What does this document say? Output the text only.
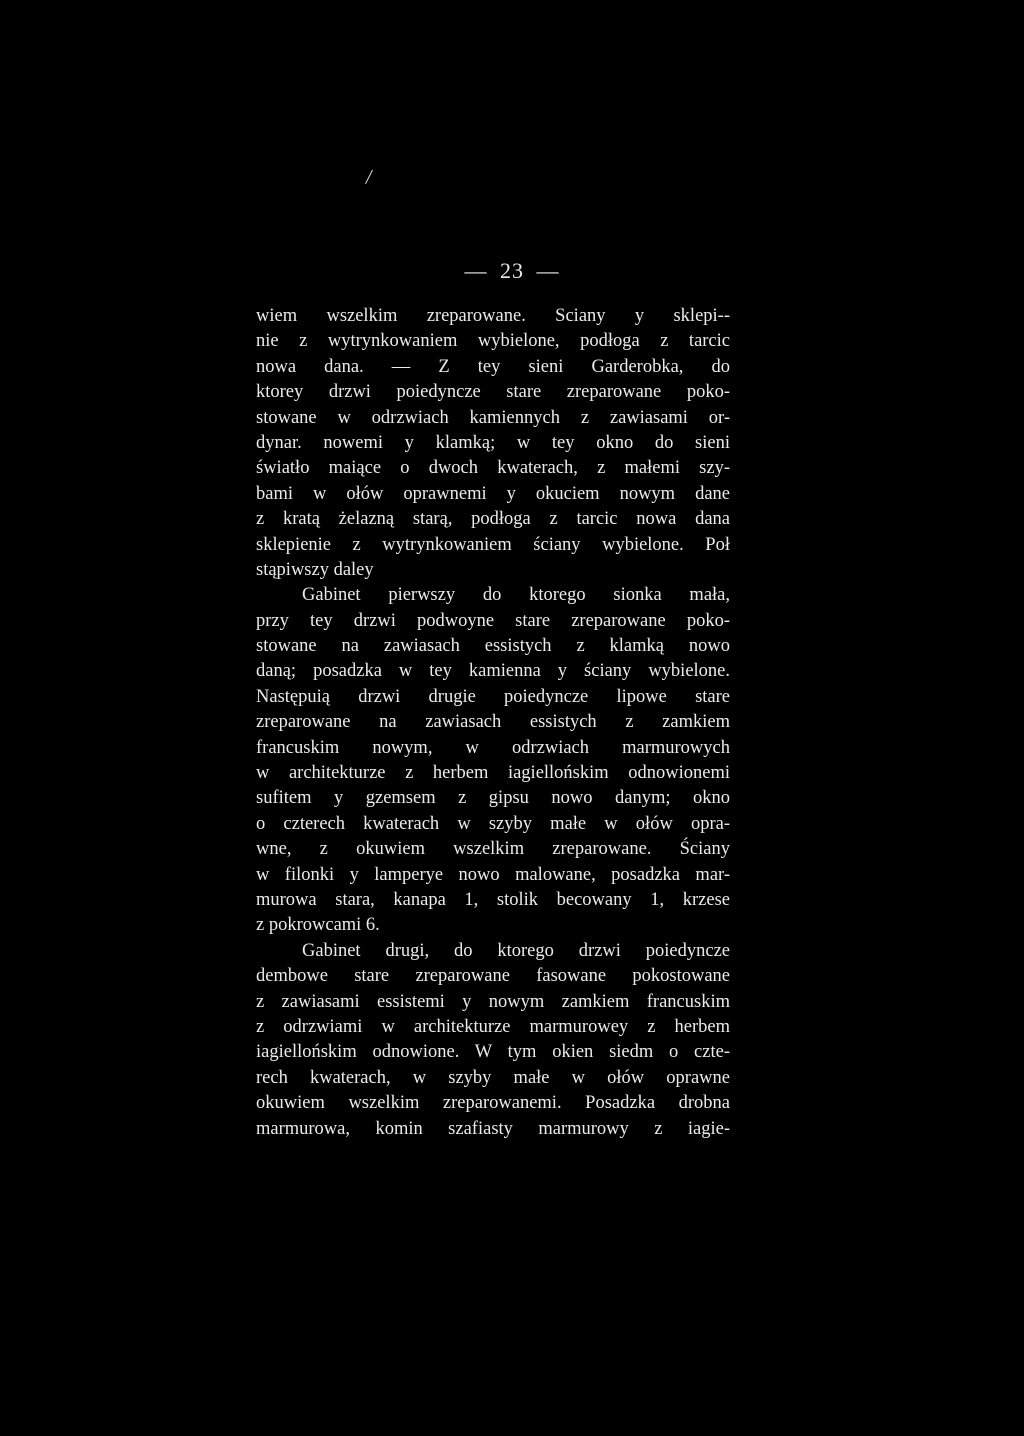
/
— 23 —
wiem wszelkim zreparowane. Sciany y sklepi--
nie z wytrynkowaniem wybielone, podłoga z tarcic
nowa dana. — Z tey sieni Garderobka, do
ktorey drzwi poiedyncze stare zreparowane poko-
stowane w odrzwiach kamiennych z zawiasami or-
dynar. nowemi y klamką; w tey okno do sieni
światło maiące o dwoch kwaterach, z małemi szy-
bami w ołów oprawnemi y okuciem nowym dane
z kratą żelazną starą, podłoga z tarcic nowa dana
sklepienie z wytrynkowaniem ściany wybielone. Poł
stąpiwszy daley
Gabinet pierwszy do ktorego sionka mała,
przy tey drzwi podwoyne stare zreparowane poko-
stowane na zawiasach essistych z klamką nowo
daną; posadzka w tey kamienna y ściany wybielone.
Następuią drzwi drugie poiedyncze lipowe stare
zreparowane na zawiasach essistych z zamkiem
francuskim nowym, w odrzwiach marmurowych
w architekturze z herbem iagiellońskim odnowionemi
sufitem y gzemsem z gipsu nowo danym; okno
o czterech kwaterach w szyby małe w ołów opra-
wne, z okuwiem wszelkim zreparowane. Ściany
w filonki y lamperye nowo malowane, posadzka mar-
murowa stara, kanapa 1, stolik becowany 1, krzese
z pokrowcami 6.
Gabinet drugi, do ktorego drzwi poiedyncze
dembowe stare zreparowane fasowane pokostowane
z zawiasami essistemi y nowym zamkiem francuskim
z odrzwiami w architekturze marmurowey z herbem
iagiellońskim odnowione. W tym okien siedm o czte-
rech kwaterach, w szyby małe w ołów oprawne
okuwiem wszelkim zreparowanemi. Posadzka drobna
marmurowa, komin szafiasty marmurowy z iagie-
